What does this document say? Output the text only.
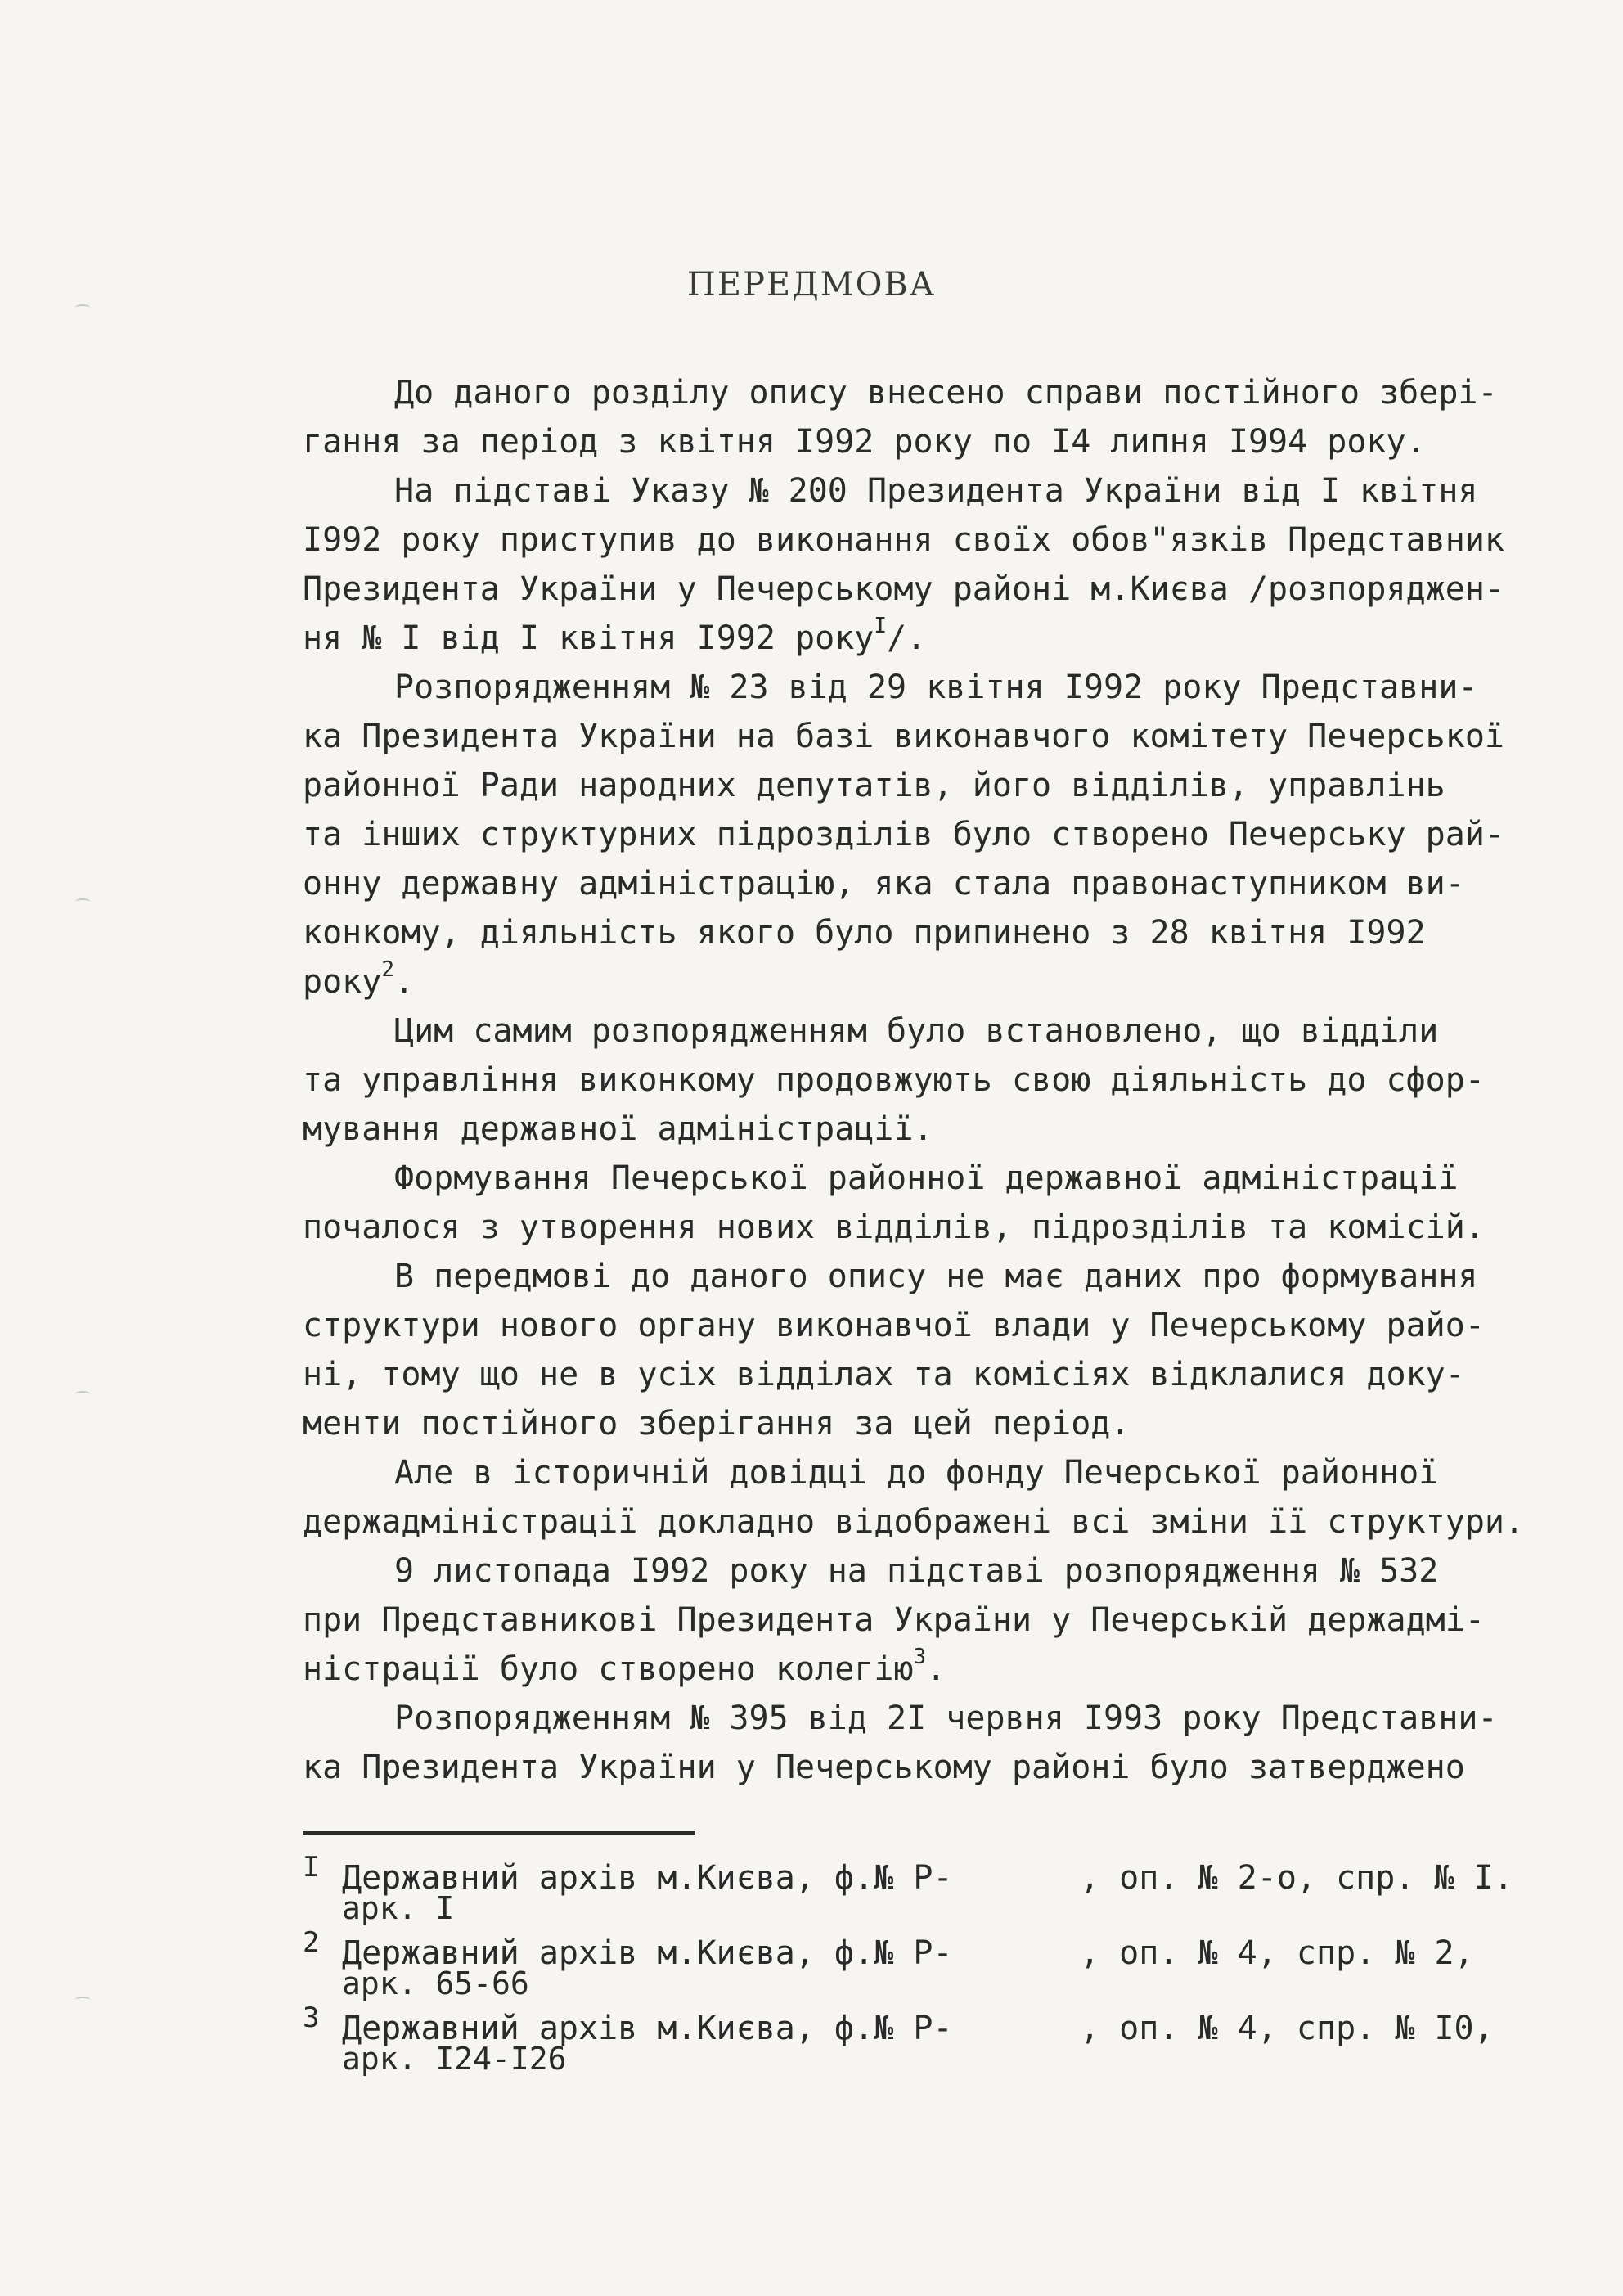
ПЕРЕДМОВА
До даного розділу опису внесено справи постійного збері-
гання за період з квітня I992 року по I4 липня I994 року.
На підставі Указу № 200 Президента України від I квітня
I992 року приступив до виконання своїх обов"язків Представник
Президента України у Печерському районі м.Києва /розпоряджен-
ня № I від I квітня I992 року$^I$/.
Розпорядженням № 23 від 29 квітня I992 року Представни-
ка Президента України на базі виконавчого комітету Печерської
районної Ради народних депутатів, його відділів, управлінь
та інших структурних підрозділів було створено Печерську рай-
онну державну адміністрацію, яка стала правонаступником ви-
конкому, діяльність якого було припинено з 28 квітня I992
року$^2$.
Цим самим розпорядженням було встановлено, що відділи
та управління виконкому продовжують свою діяльність до сфор-
мування державної адміністрації.
Формування Печерської районної державної адміністрації
почалося з утворення нових відділів, підрозділів та комісій.
В передмові до даного опису не має даних про формування
структури нового органу виконавчої влади у Печерському райо-
ні, тому що не в усіх відділах та комісіях відклалися доку-
менти постійного зберігання за цей період.
Але в історичній довідці до фонду Печерської районної
держадміністрації докладно відображені всі зміни її структури.
9 листопада I992 року на підставі розпорядження № 532
при Представникові Президента України у Печерській держадмі-
ністрації було створено колегію$^3$.
Розпорядженням № 395 від 2I червня I993 року Представни-
ка Президента України у Печерському районі було затверджено
I Державний архів м.Києва, ф.№ Р-	, оп. № 2-о, спр. № I.
арк. I
2 Державний архів м.Києва, ф.№ Р-	, оп. № 4, спр. № 2,
арк. 65-66
3 Державний архів м.Києва, ф.№ Р-	, оп. № 4, спр. № I0,
арк. I24-I26
